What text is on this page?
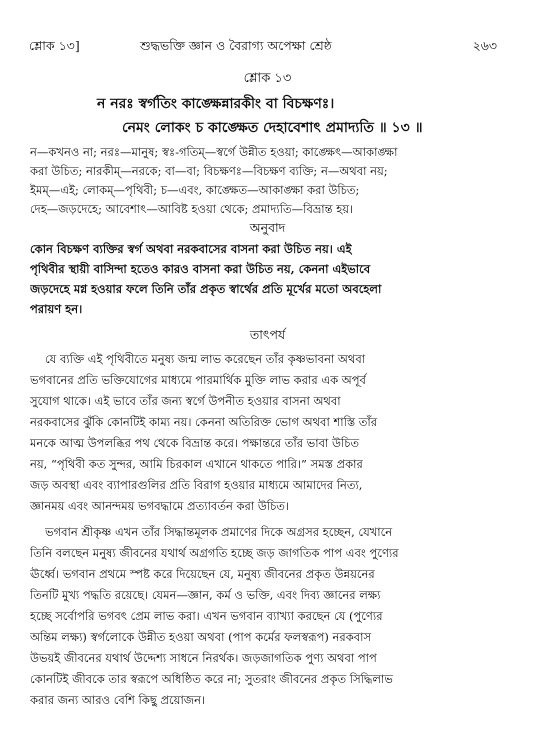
শ্লোক ১৩]	শুদ্ধভক্তি জ্ঞান ও বৈরাগ্য অপেক্ষা শ্রেষ্ঠ	২৬৩
শ্লোক ১৩
ন নরঃ স্বর্গতিং কাঙ্ক্ষেন্নারকীং বা বিচক্ষণঃ।
নেমং লোকং চ কাঙ্ক্ষেত দেহাবেশাৎ প্রমাদ্যতি ॥ ১৩ ॥
ন—কখনও না; নরঃ—মানুষ; স্বঃ-গতিম্—স্বর্গে উন্নীত হওয়া; কাঙ্ক্ষেৎ—আকাঙ্ক্ষা
করা উচিত; নারকীম্—নরকে; বা—বা; বিচক্ষণঃ—বিচক্ষণ ব্যক্তি; ন—অথবা নয়;
ইমম্—এই; লোকম্—পৃথিবী; চ—এবং, কাঙ্ক্ষেত—আকাঙ্ক্ষা করা উচিত;
দেহ—জড়দেহে; আবেশাৎ—আবিষ্ট হওয়া থেকে; প্রমাদ্যতি—বিভ্রান্ত হয়।
অনুবাদ
কোন বিচক্ষণ ব্যক্তির স্বর্গ অথবা নরকবাসের বাসনা করা উচিত নয়। এই
পৃথিবীর স্থায়ী বাসিন্দা হতেও কারও বাসনা করা উচিত নয়, কেননা এইভাবে
জড়দেহে মগ্ন হওয়ার ফলে তিনি তাঁর প্রকৃত স্বার্থের প্রতি মূর্খের মতো অবহেলা
পরায়ণ হন।
তাৎপর্য
যে ব্যক্তি এই পৃথিবীতে মনুষ্য জন্ম লাভ করেছেন তাঁর কৃষ্ণভাবনা অথবা
ভগবানের প্রতি ভক্তিযোগের মাধ্যমে পারমার্থিক মুক্তি লাভ করার এক অপূর্ব
সুযোগ থাকে। এই ভাবে তাঁর জন্য স্বর্গে উপনীত হওয়ার বাসনা অথবা
নরকবাসের ঝুঁকি কোনটিই কাম্য নয়। কেননা অতিরিক্ত ভোগ অথবা শাস্তি তাঁর
মনকে আত্ম উপলব্ধির পথ থেকে বিভ্রান্ত করে। পক্ষান্তরে তাঁর ভাবা উচিত
নয়, “পৃথিবী কত সুন্দর, আমি চিরকাল এখানে থাকতে পারি।” সমস্ত প্রকার
জড় অবস্থা এবং ব্যাপারগুলির প্রতি বিরাগ হওয়ার মাধ্যমে আমাদের নিত্য,
জ্ঞানময় এবং আনন্দময় ভগবদ্ধামে প্রত্যাবর্তন করা উচিত।
ভগবান শ্রীকৃষ্ণ এখন তাঁর সিদ্ধান্তমূলক প্রমাণের দিকে অগ্রসর হচ্ছেন, যেখানে
তিনি বলছেন মনুষ্য জীবনের যথার্থ অগ্রগতি হচ্ছে জড় জাগতিক পাপ এবং পুণ্যের
ঊর্ধ্বে। ভগবান প্রথমে স্পষ্ট করে দিয়েছেন যে, মনুষ্য জীবনের প্রকৃত উন্নয়নের
তিনটি মুখ্য পদ্ধতি রয়েছে। যেমন—জ্ঞান, কর্ম ও ভক্তি, এবং দিব্য জ্ঞানের লক্ষ্য
হচ্ছে সর্বোপরি ভগবৎ প্রেম লাভ করা। এখন ভগবান ব্যাখ্যা করছেন যে (পুণ্যের
অন্তিম লক্ষ্য) স্বর্গলোকে উন্নীত হওয়া অথবা (পাপ কর্মের ফলস্বরূপ) নরকবাস
উভয়ই জীবনের যথার্থ উদ্দেশ্য সাধনে নিরর্থক। জড়জাগতিক পুণ্য অথবা পাপ
কোনটিই জীবকে তার স্বরূপে অধিষ্ঠিত করে না; সুতরাং জীবনের প্রকৃত সিদ্ধিলাভ
করার জন্য আরও বেশি কিছু প্রয়োজন।
